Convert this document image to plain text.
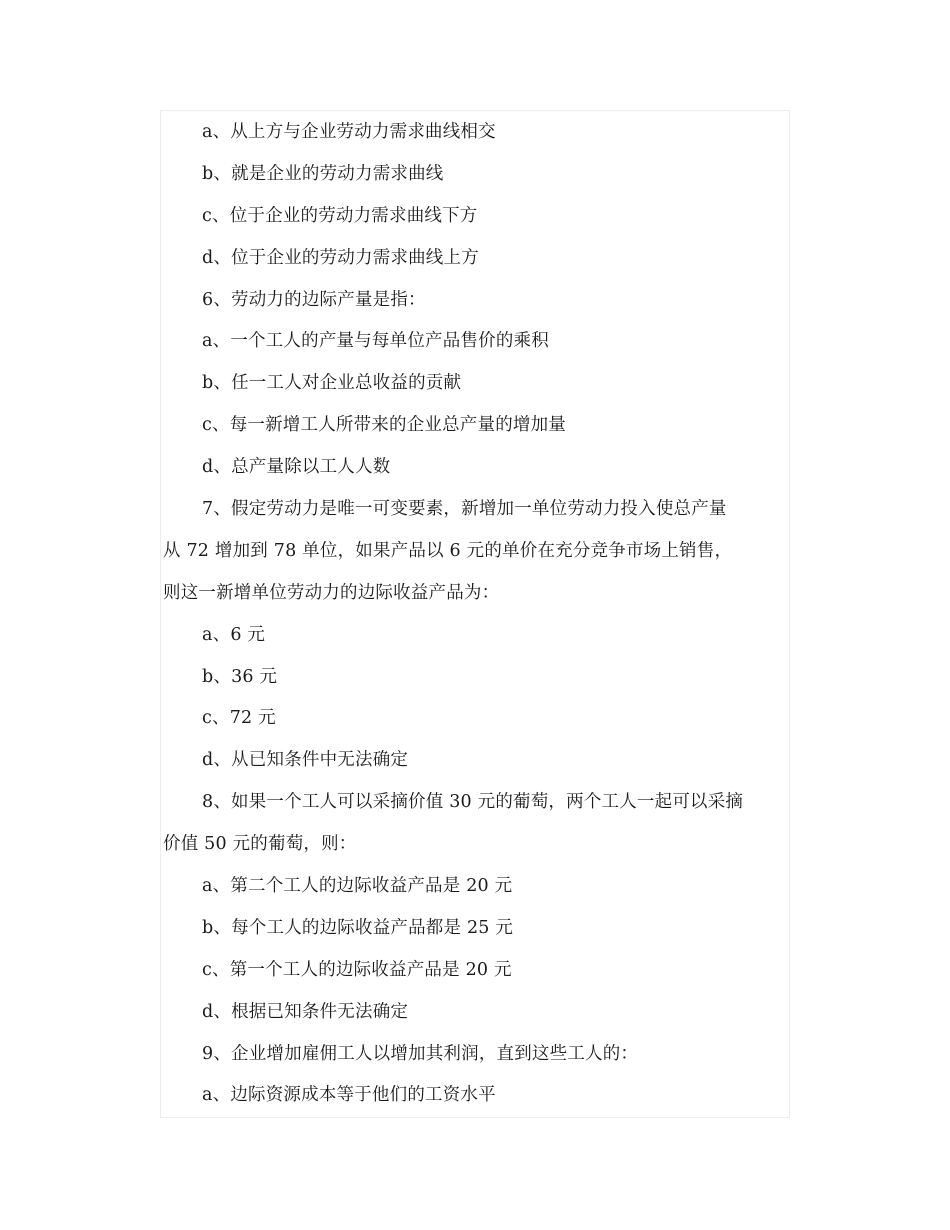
a、从上方与企业劳动力需求曲线相交
b、就是企业的劳动力需求曲线
c、位于企业的劳动力需求曲线下方
d、位于企业的劳动力需求曲线上方
6、劳动力的边际产量是指：
a、一个工人的产量与每单位产品售价的乘积
b、任一工人对企业总收益的贡献
c、每一新增工人所带来的企业总产量的增加量
d、总产量除以工人人数
7、假定劳动力是唯一可变要素，新增加一单位劳动力投入使总产量
从 72 增加到 78 单位，如果产品以 6 元的单价在充分竞争市场上销售，
则这一新增单位劳动力的边际收益产品为：
a、6 元
b、36 元
c、72 元
d、从已知条件中无法确定
8、如果一个工人可以采摘价值 30 元的葡萄，两个工人一起可以采摘
价值 50 元的葡萄，则：
a、第二个工人的边际收益产品是 20 元
b、每个工人的边际收益产品都是 25 元
c、第一个工人的边际收益产品是 20 元
d、根据已知条件无法确定
9、企业增加雇佣工人以增加其利润，直到这些工人的：
a、边际资源成本等于他们的工资水平
